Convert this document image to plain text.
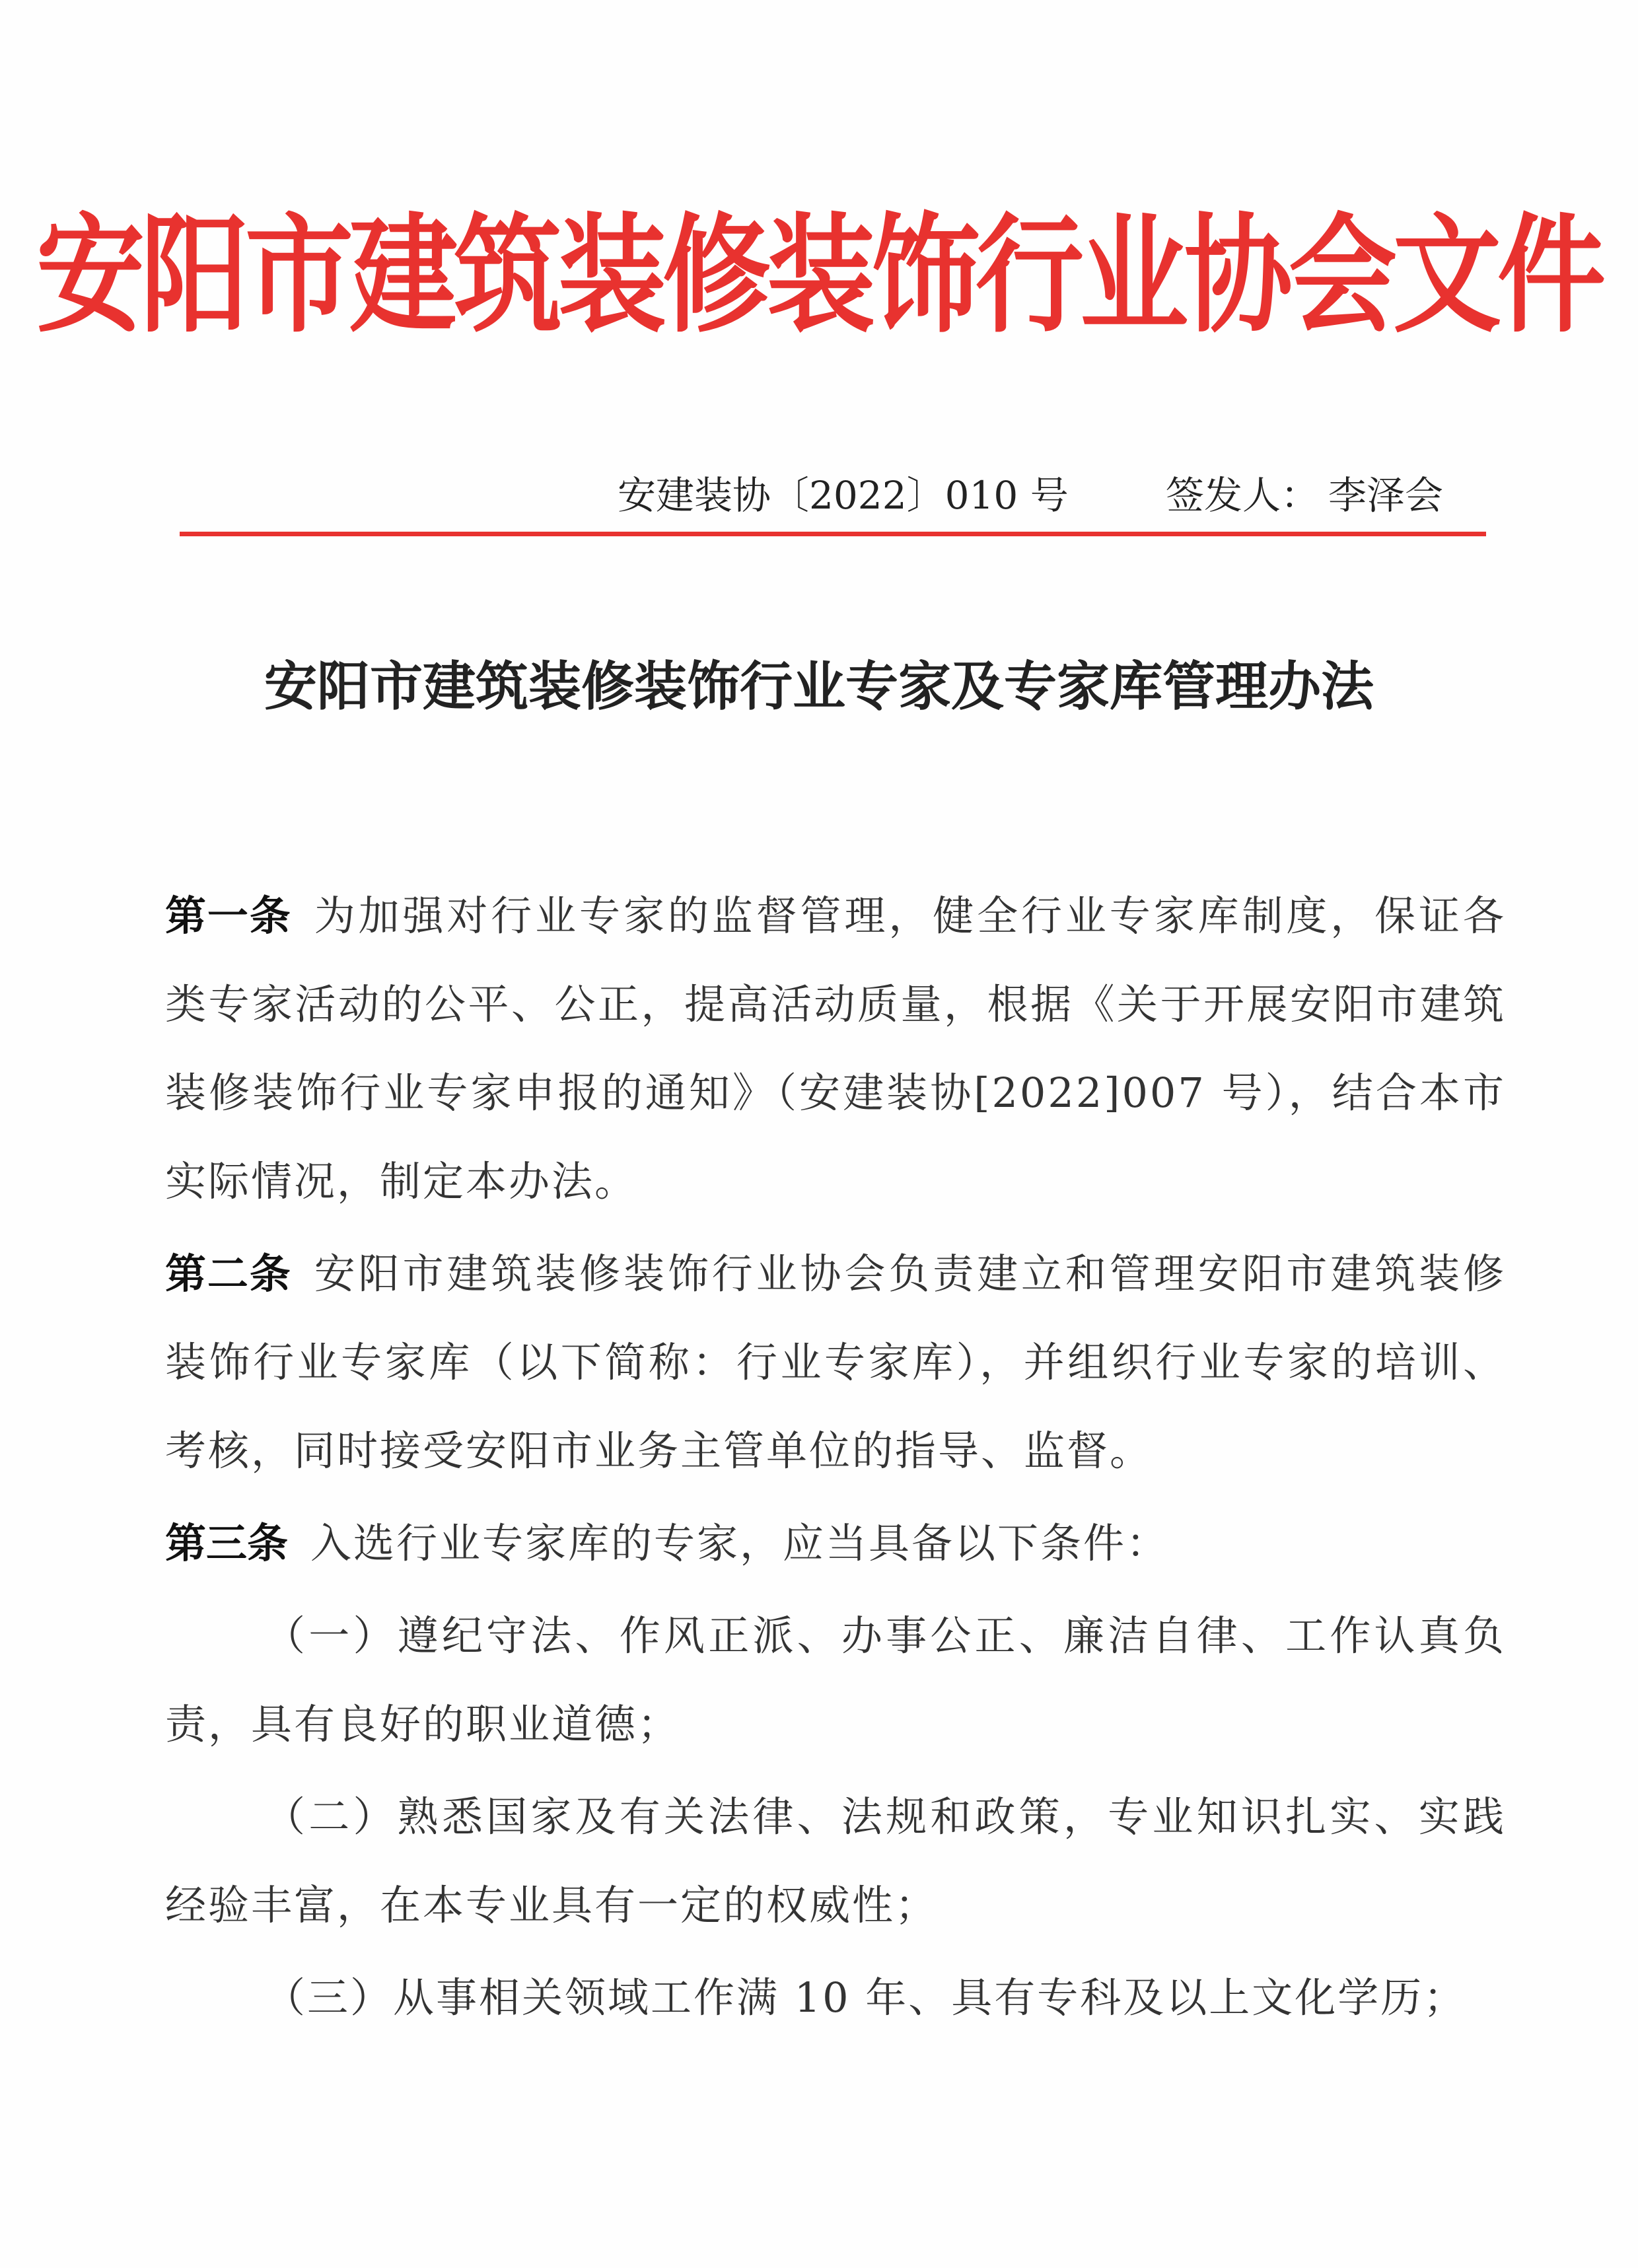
安阳市建筑装修装饰行业协会文件
安建装协〔2022〕010 号	签发人： 李泽会
安阳市建筑装修装饰行业专家及专家库管理办法

第一条 为加强对行业专家的监督管理，健全行业专家库制度，保证各类专家活动的公平、公正，提高活动质量，根据《关于开展安阳市建筑装修装饰行业专家申报的通知》（安建装协[2022]007 号），结合本市实际情况，制定本办法。

第二条 安阳市建筑装修装饰行业协会负责建立和管理安阳市建筑装修装饰行业专家库（以下简称：行业专家库），并组织行业专家的培训、考核，同时接受安阳市业务主管单位的指导、监督。

第三条 入选行业专家库的专家，应当具备以下条件：

（一）遵纪守法、作风正派、办事公正、廉洁自律、工作认真负责，具有良好的职业道德；

（二）熟悉国家及有关法律、法规和政策，专业知识扎实、实践经验丰富，在本专业具有一定的权威性；

（三）从事相关领域工作满 10 年、具有专科及以上文化学历；
